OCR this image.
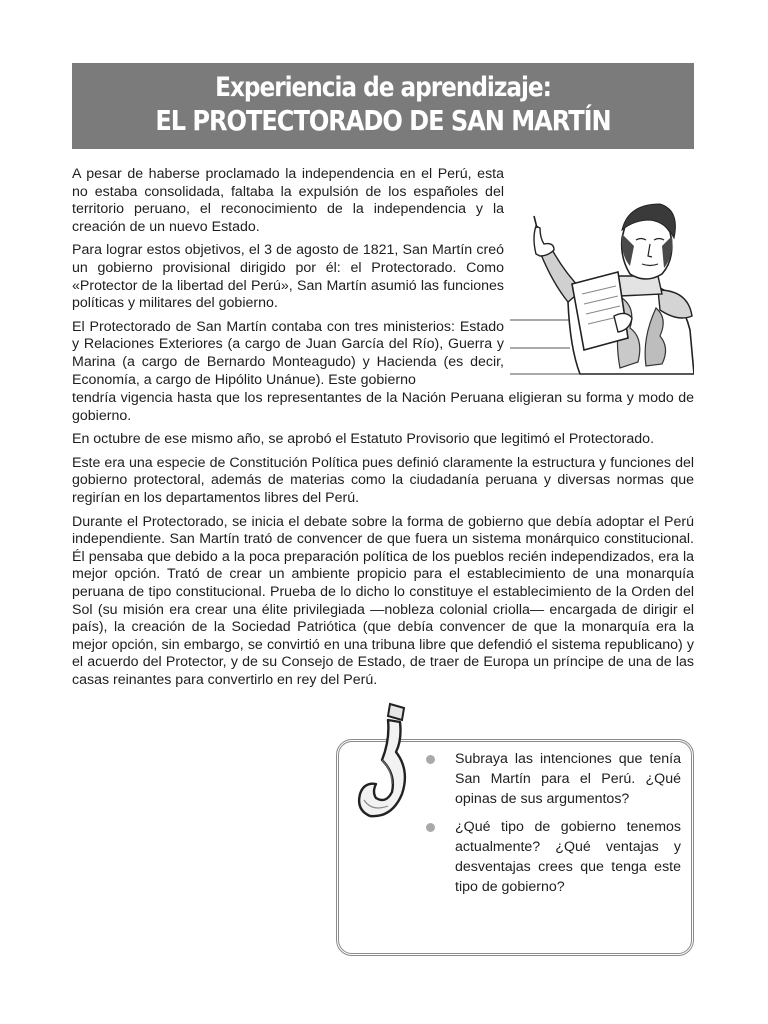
Experiencia de aprendizaje:
EL PROTECTORADO DE SAN MARTÍN

A pesar de haberse proclamado la independencia en el Perú, esta no estaba consolidada, faltaba la expulsión de los españoles del territorio peruano, el reconocimiento de la independencia y la creación de un nuevo Estado.

Para lograr estos objetivos, el 3 de agosto de 1821, San Martín creó un gobierno provisional dirigido por él: el Protectorado. Como «Protector de la libertad del Perú», San Martín asumió las funciones políticas y militares del gobierno.

El Protectorado de San Martín contaba con tres ministerios: Estado y Relaciones Exteriores (a cargo de Juan García del Río), Guerra y Marina (a cargo de Bernardo Monteagudo) y Hacienda (es decir, Economía, a cargo de Hipólito Unánue). Este gobierno

tendría vigencia hasta que los representantes de la Nación Peruana eligieran su forma y modo de gobierno.

En octubre de ese mismo año, se aprobó el Estatuto Provisorio que legitimó el Protectorado.

Este era una especie de Constitución Política pues definió claramente la estructura y funciones del gobierno protectoral, además de materias como la ciudadanía peruana y diversas normas que regirían en los departamentos libres del Perú.

Durante el Protectorado, se inicia el debate sobre la forma de gobierno que debía adoptar el Perú independiente. San Martín trató de convencer de que fuera un sistema monárquico constitucional. Él pensaba que debido a la poca preparación política de los pueblos recién independizados, era la mejor opción. Trató de crear un ambiente propicio para el establecimiento de una monarquía peruana de tipo constitucional. Prueba de lo dicho lo constituye el establecimiento de la Orden del Sol (su misión era crear una élite privilegiada —nobleza colonial criolla— encargada de dirigir el país), la creación de la Sociedad Patriótica (que debía convencer de que la monarquía era la mejor opción, sin embargo, se convirtió en una tribuna libre que defendió el sistema republicano) y el acuerdo del Protector, y de su Consejo de Estado, de traer de Europa un príncipe de una de las casas reinantes para convertirlo en rey del Perú.

Subraya las intenciones que tenía San Martín para el Perú. ¿Qué opinas de sus argumentos?
¿Qué tipo de gobierno tenemos actualmente? ¿Qué ventajas y desventajas crees que tenga este tipo de gobierno?
